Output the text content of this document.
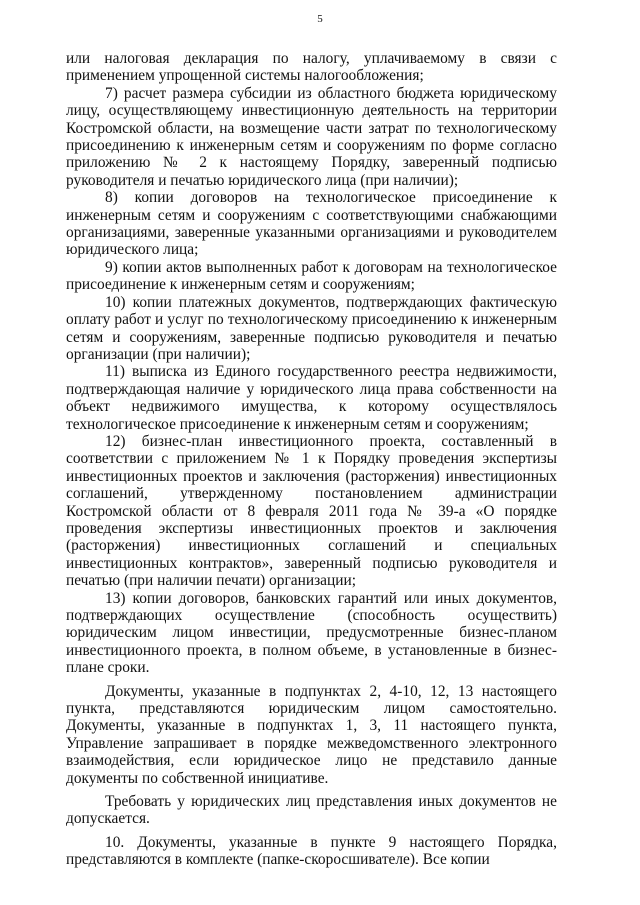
5

или налоговая декларация по налогу, уплачиваемому в связи с применением упрощенной системы налогообложения;

7) расчет размера субсидии из областного бюджета юридическому лицу, осуществляющему инвестиционную деятельность на территории Костромской области, на возмещение части затрат по технологическому присоединению к инженерным сетям и сооружениям по форме согласно приложению № 2 к настоящему Порядку, заверенный подписью руководителя и печатью юридического лица (при наличии);

8) копии договоров на технологическое присоединение к инженерным сетям и сооружениям с соответствующими снабжающими организациями, заверенные указанными организациями и руководителем юридического лица;

9) копии актов выполненных работ к договорам на технологическое присоединение к инженерным сетям и сооружениям;

10) копии платежных документов, подтверждающих фактическую оплату работ и услуг по технологическому присоединению к инженерным сетям и сооружениям, заверенные подписью руководителя и печатью организации (при наличии);

11) выписка из Единого государственного реестра недвижимости, подтверждающая наличие у юридического лица права собственности на объект недвижимого имущества, к которому осуществлялось технологическое присоединение к инженерным сетям и сооружениям;

12) бизнес-план инвестиционного проекта, составленный в соответствии с приложением № 1 к Порядку проведения экспертизы инвестиционных проектов и заключения (расторжения) инвестиционных соглашений, утвержденному постановлением администрации Костромской области от 8 февраля 2011 года № 39-а «О порядке проведения экспертизы инвестиционных проектов и заключения (расторжения) инвестиционных соглашений и специальных инвестиционных контрактов», заверенный подписью руководителя и печатью (при наличии печати) организации;

13) копии договоров, банковских гарантий или иных документов, подтверждающих осуществление (способность осуществить) юридическим лицом инвестиции, предусмотренные бизнес-планом инвестиционного проекта, в полном объеме, в установленные в бизнес-плане сроки.

Документы, указанные в подпунктах 2, 4-10, 12, 13 настоящего пункта, представляются юридическим лицом самостоятельно. Документы, указанные в подпунктах 1, 3, 11 настоящего пункта, Управление запрашивает в порядке межведомственного электронного взаимодействия, если юридическое лицо не представило данные документы по собственной инициативе.

Требовать у юридических лиц представления иных документов не допускается.

10. Документы, указанные в пункте 9 настоящего Порядка, представляются в комплекте (папке-скоросшивателе). Все копии
